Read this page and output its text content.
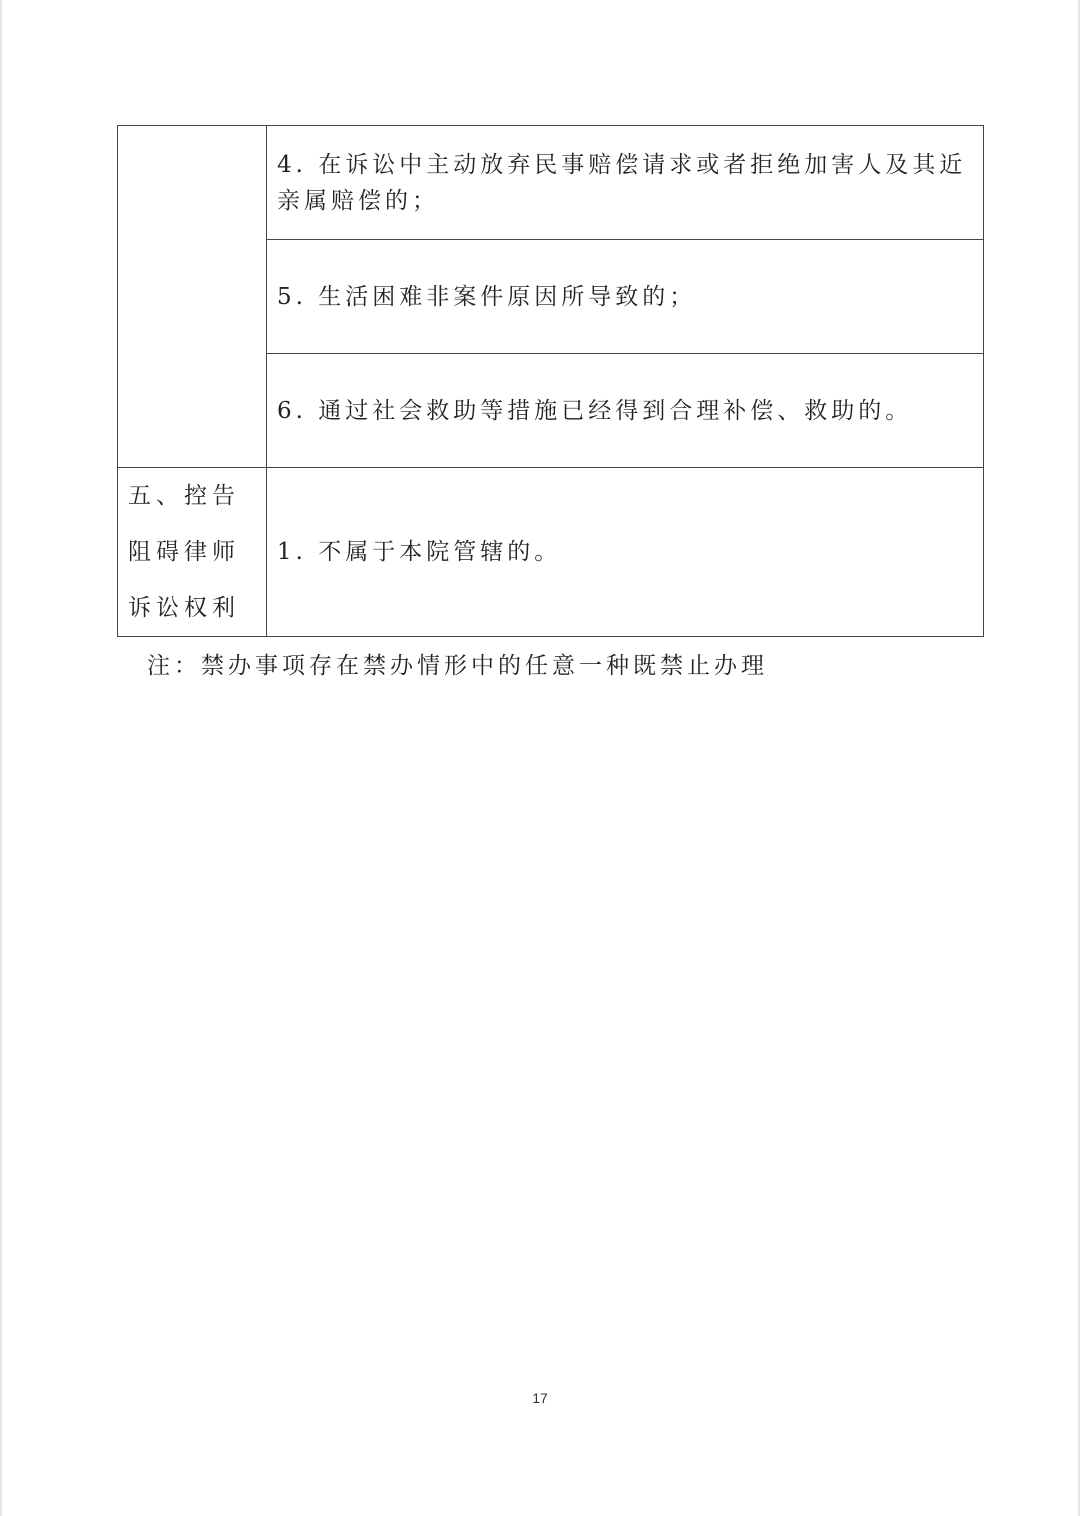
	4. 在诉讼中主动放弃民事赔偿请求或者拒绝加害人及其近亲属赔偿的；

	5. 生活困难非案件原因所导致的；

	6. 通过社会救助等措施已经得到合理补偿、救助的。

五、控告阻碍律师诉讼权利	1. 不属于本院管辖的。

注：禁办事项存在禁办情形中的任意一种既禁止办理

17
